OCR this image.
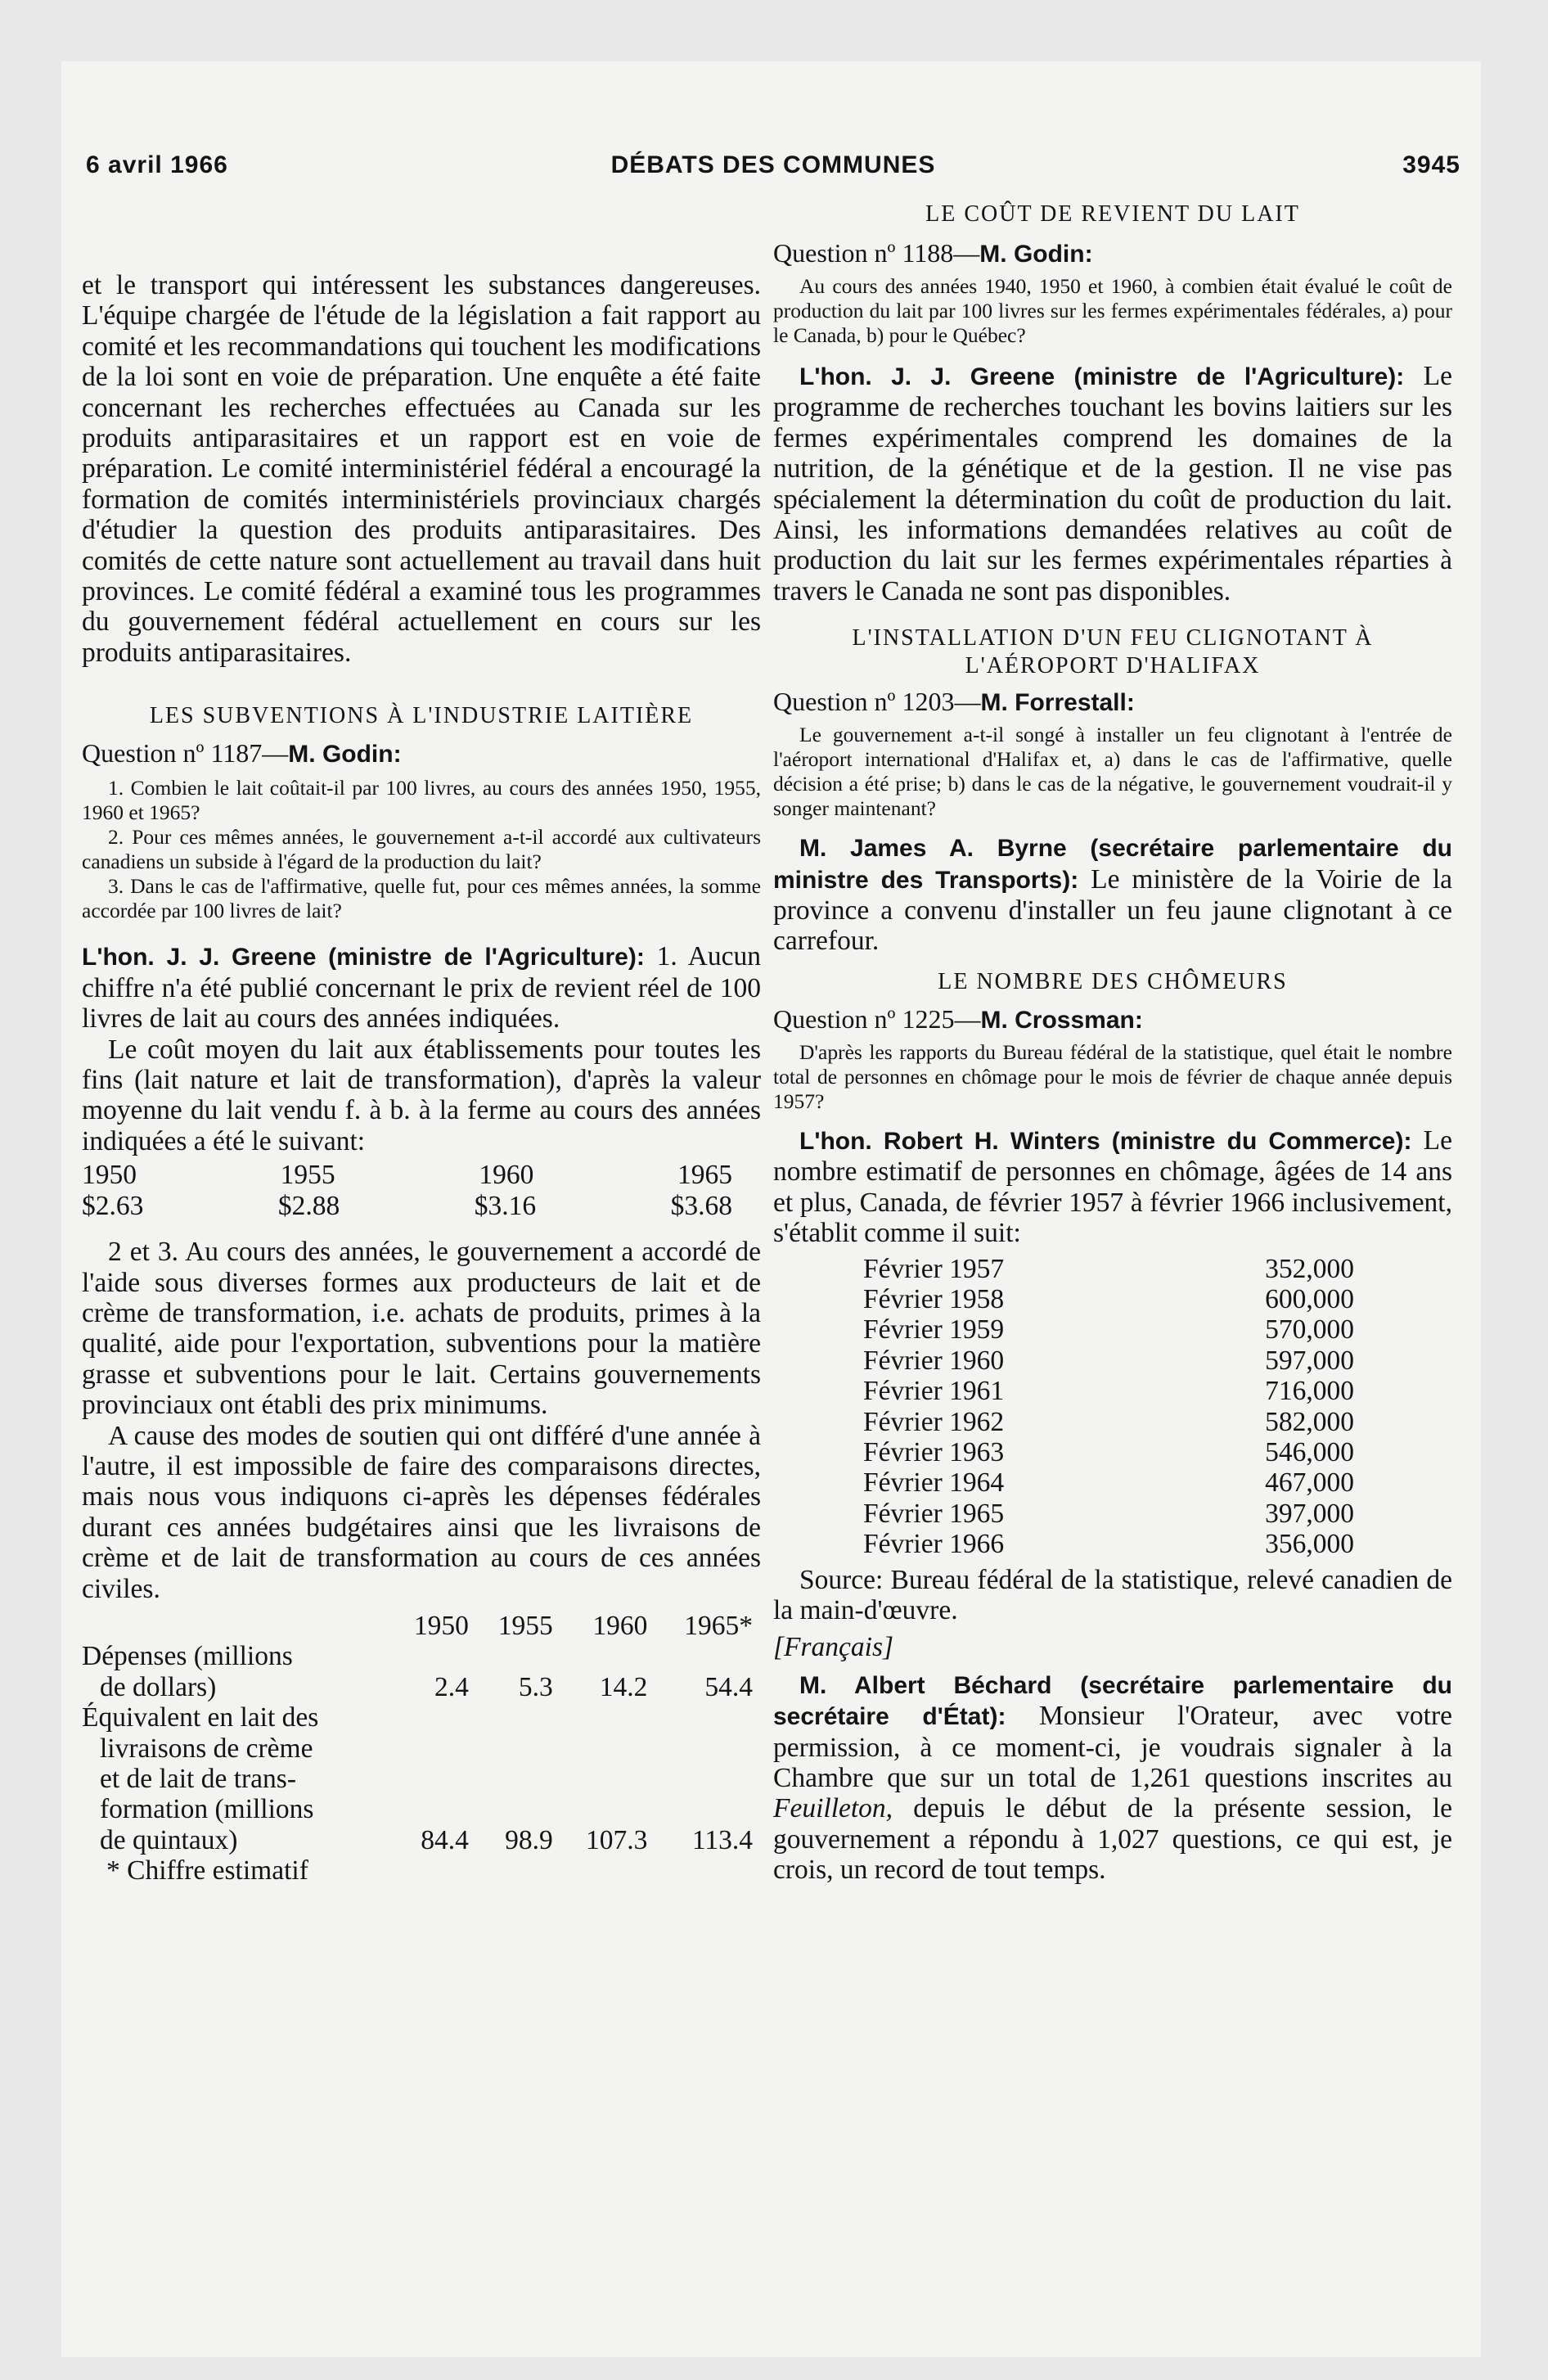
6 avril 1966	DÉBATS DES COMMUNES	3945

et le transport qui intéressent les substances dangereuses. L'équipe chargée de l'étude de la législation a fait rapport au comité et les recommandations qui touchent les modifications de la loi sont en voie de préparation. Une enquête a été faite concernant les recherches effectuées au Canada sur les produits antiparasitaires et un rapport est en voie de préparation. Le comité interministériel fédéral a encouragé la formation de comités interministériels provinciaux chargés d'étudier la question des produits antiparasitaires. Des comités de cette nature sont actuellement au travail dans huit provinces. Le comité fédéral a examiné tous les programmes du gouvernement fédéral actuellement en cours sur les produits antiparasitaires.

LES SUBVENTIONS À L'INDUSTRIE LAITIÈRE

Question nº 1187—M. Godin:

1. Combien le lait coûtait-il par 100 livres, au cours des années 1950, 1955, 1960 et 1965?

2. Pour ces mêmes années, le gouvernement a-t-il accordé aux cultivateurs canadiens un subside à l'égard de la production du lait?

3. Dans le cas de l'affirmative, quelle fut, pour ces mêmes années, la somme accordée par 100 livres de lait?

L'hon. J. J. Greene (ministre de l'Agriculture): 1. Aucun chiffre n'a été publié concernant le prix de revient réel de 100 livres de lait au cours des années indiquées.

Le coût moyen du lait aux établissements pour toutes les fins (lait nature et lait de transformation), d'après la valeur moyenne du lait vendu f. à b. à la ferme au cours des années indiquées a été le suivant:

1950	1955	1960	1965
$2.63	$2.88	$3.16	$3.68

2 et 3. Au cours des années, le gouvernement a accordé de l'aide sous diverses formes aux producteurs de lait et de crème de transformation, i.e. achats de produits, primes à la qualité, aide pour l'exportation, subventions pour la matière grasse et subventions pour le lait. Certains gouvernements provinciaux ont établi des prix minimums.

A cause des modes de soutien qui ont différé d'une année à l'autre, il est impossible de faire des comparaisons directes, mais nous vous indiquons ci-après les dépenses fédérales durant ces années budgétaires ainsi que les livraisons de crème et de lait de transformation au cours de ces années civiles.

	1950	1955	1960	1965*

Dépenses (millions
de dollars)	2.4	5.3	14.2	54.4

Équivalent en lait des
livraisons de crème
et de lait de trans-
formation (millions
de quintaux)	84.4	98.9	107.3	113.4

* Chiffre estimatif

LE COÛT DE REVIENT DU LAIT

Question nº 1188—M. Godin:

Au cours des années 1940, 1950 et 1960, à combien était évalué le coût de production du lait par 100 livres sur les fermes expérimentales fédérales, a) pour le Canada, b) pour le Québec?

L'hon. J. J. Greene (ministre de l'Agriculture): Le programme de recherches touchant les bovins laitiers sur les fermes expérimentales comprend les domaines de la nutrition, de la génétique et de la gestion. Il ne vise pas spécialement la détermination du coût de production du lait. Ainsi, les informations demandées relatives au coût de production du lait sur les fermes expérimentales réparties à travers le Canada ne sont pas disponibles.

L'INSTALLATION D'UN FEU CLIGNOTANT À

L'AÉROPORT D'HALIFAX

Question nº 1203—M. Forrestall:

Le gouvernement a-t-il songé à installer un feu clignotant à l'entrée de l'aéroport international d'Halifax et, a) dans le cas de l'affirmative, quelle décision a été prise; b) dans le cas de la négative, le gouvernement voudrait-il y songer maintenant?

M. James A. Byrne (secrétaire parlementaire du ministre des Transports): Le ministère de la Voirie de la province a convenu d'installer un feu jaune clignotant à ce carrefour.

LE NOMBRE DES CHÔMEURS

Question nº 1225—M. Crossman:

D'après les rapports du Bureau fédéral de la statistique, quel était le nombre total de personnes en chômage pour le mois de février de chaque année depuis 1957?

L'hon. Robert H. Winters (ministre du Commerce): Le nombre estimatif de personnes en chômage, âgées de 14 ans et plus, Canada, de février 1957 à février 1966 inclusivement, s'établit comme il suit:

Février 1957	352,000
Février 1958	600,000
Février 1959	570,000
Février 1960	597,000
Février 1961	716,000
Février 1962	582,000
Février 1963	546,000
Février 1964	467,000
Février 1965	397,000
Février 1966	356,000

Source: Bureau fédéral de la statistique, relevé canadien de la main-d'œuvre.

[Français]

M. Albert Béchard (secrétaire parlementaire du secrétaire d'État): Monsieur l'Orateur, avec votre permission, à ce moment-ci, je voudrais signaler à la Chambre que sur un total de 1,261 questions inscrites au Feuilleton, depuis le début de la présente session, le gouvernement a répondu à 1,027 questions, ce qui est, je crois, un record de tout temps.
